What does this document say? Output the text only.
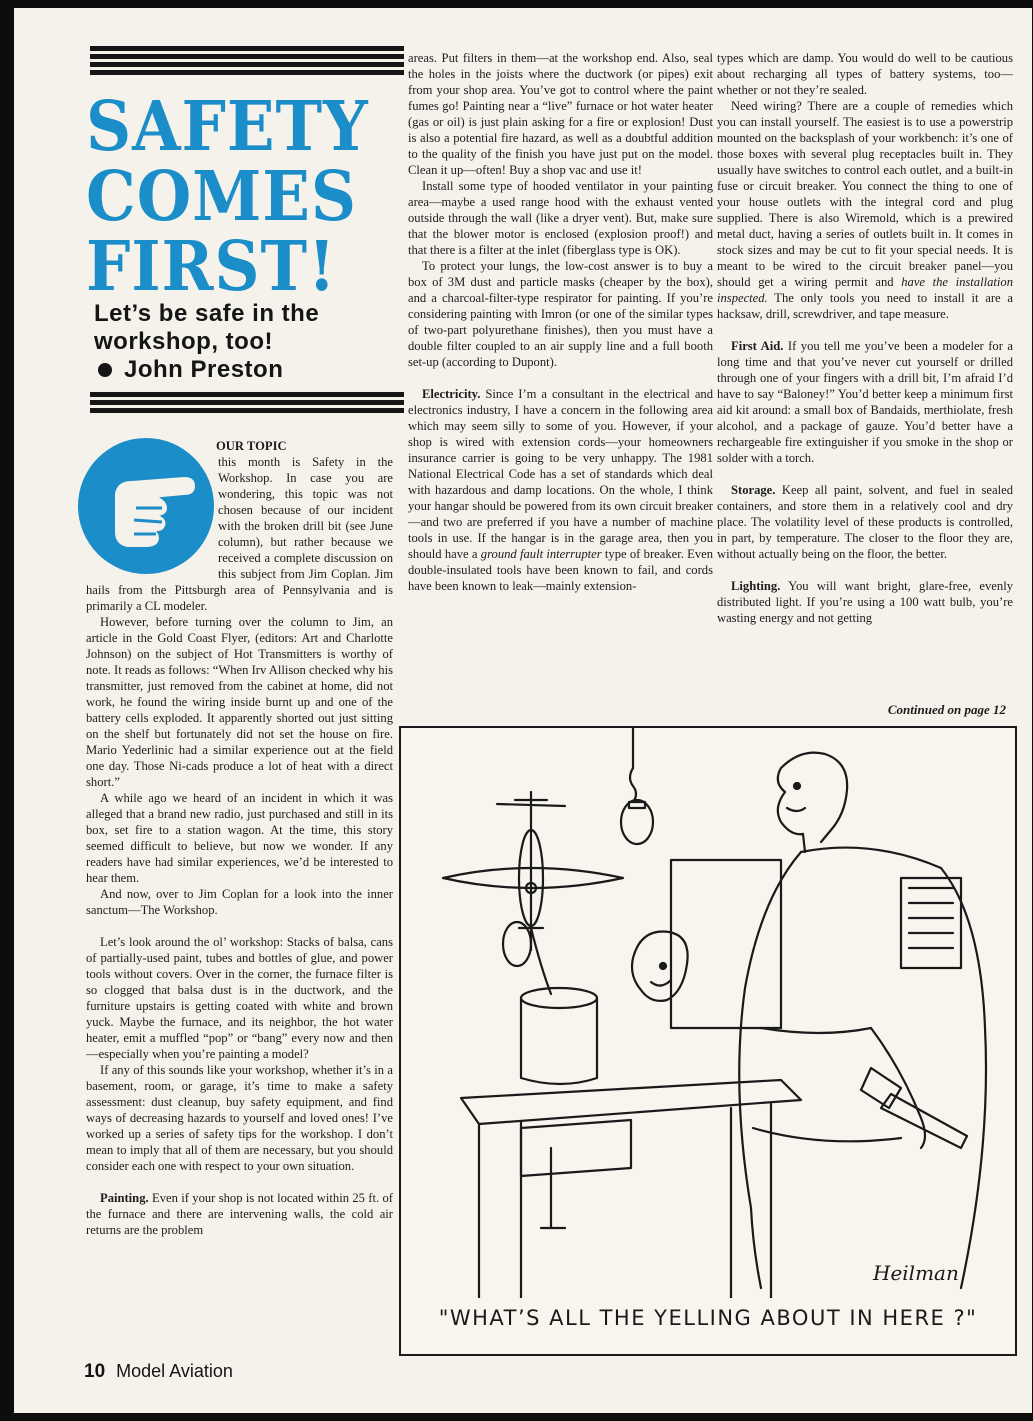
SAFETY
COMES
FIRST!
Let’s be safe in the workshop, too!
John Preston

OUR TOPIC

this month is Safety in the Workshop. In case you are wondering, this topic was not chosen because of our incident with the broken drill bit (see June column), but rather because we received a complete discussion on this subject from Jim Coplan. Jim hails from the Pittsburgh area of Pennsylvania and is primarily a CL modeler.

However, before turning over the column to Jim, an article in the Gold Coast Flyer, (editors: Art and Charlotte Johnson) on the subject of Hot Transmitters is worthy of note. It reads as follows: “When Irv Allison checked why his transmitter, just removed from the cabinet at home, did not work, he found the wiring inside burnt up and one of the battery cells exploded. It apparently shorted out just sitting on the shelf but fortunately did not set the house on fire. Mario Yederlinic had a similar experience out at the field one day. Those Ni-cads produce a lot of heat with a direct short.”

A while ago we heard of an incident in which it was alleged that a brand new radio, just purchased and still in its box, set fire to a station wagon. At the time, this story seemed difficult to believe, but now we wonder. If any readers have had similar experiences, we’d be interested to hear them.

And now, over to Jim Coplan for a look into the inner sanctum—The Workshop.

Let’s look around the ol’ workshop: Stacks of balsa, cans of partially-used paint, tubes and bottles of glue, and power tools without covers. Over in the corner, the furnace filter is so clogged that balsa dust is in the ductwork, and the furniture upstairs is getting coated with white and brown yuck. Maybe the furnace, and its neighbor, the hot water heater, emit a muffled “pop” or “bang” every now and then—especially when you’re painting a model?

If any of this sounds like your workshop, whether it’s in a basement, room, or garage, it’s time to make a safety assessment: dust cleanup, buy safety equipment, and find ways of decreasing hazards to yourself and loved ones! I’ve worked up a series of safety tips for the workshop. I don’t mean to imply that all of them are necessary, but you should consider each one with respect to your own situation.

Painting. Even if your shop is not located within 25 ft. of the furnace and there are intervening walls, the cold air returns are the problem

areas. Put filters in them—at the workshop end. Also, seal the holes in the joists where the ductwork (or pipes) exit from your shop area. You’ve got to control where the paint fumes go! Painting near a “live” furnace or hot water heater (gas or oil) is just plain asking for a fire or explosion! Dust is also a potential fire hazard, as well as a doubtful addition to the quality of the finish you have just put on the model. Clean it up—often! Buy a shop vac and use it!

Install some type of hooded ventilator in your painting area—maybe a used range hood with the exhaust vented outside through the wall (like a dryer vent). But, make sure that the blower motor is enclosed (explosion proof!) and that there is a filter at the inlet (fiberglass type is OK).

To protect your lungs, the low-cost answer is to buy a box of 3M dust and particle masks (cheaper by the box), and a charcoal-filter-type respirator for painting. If you’re considering painting with Imron (or one of the similar types of two-part polyurethane finishes), then you must have a double filter coupled to an air supply line and a full booth set-up (according to Dupont).

Electricity. Since I’m a consultant in the electrical and electronics industry, I have a concern in the following area which may seem silly to some of you. However, if your shop is wired with extension cords—your homeowners insurance carrier is going to be very unhappy. The 1981 National Electrical Code has a set of standards which deal with hazardous and damp locations. On the whole, I think your hangar should be powered from its own circuit breaker—and two are preferred if you have a number of machine tools in use. If the hangar is in the garage area, then you should have a ground fault interrupter type of breaker. Even double-insulated tools have been known to fail, and cords have been known to leak—mainly extension-

types which are damp. You would do well to be cautious about recharging all types of battery systems, too—whether or not they’re sealed.

Need wiring? There are a couple of remedies which you can install yourself. The easiest is to use a powerstrip mounted on the backsplash of your workbench: it’s one of those boxes with several plug receptacles built in. They usually have switches to control each outlet, and a built-in fuse or circuit breaker. You connect the thing to one of your house outlets with the integral cord and plug supplied. There is also Wiremold, which is a prewired metal duct, having a series of outlets built in. It comes in stock sizes and may be cut to fit your special needs. It is meant to be wired to the circuit breaker panel—you should get a wiring permit and have the installation inspected. The only tools you need to install it are a hacksaw, drill, screwdriver, and tape measure.

First Aid. If you tell me you’ve been a modeler for a long time and that you’ve never cut yourself or drilled through one of your fingers with a drill bit, I’m afraid I’d have to say “Baloney!” You’d better keep a minimum first aid kit around: a small box of Bandaids, merthiolate, fresh alcohol, and a package of gauze. You’d better have a rechargeable fire extinguisher if you smoke in the shop or solder with a torch.

Storage. Keep all paint, solvent, and fuel in sealed containers, and store them in a relatively cool and dry place. The volatility level of these products is controlled, in part, by temperature. The closer to the floor they are, without actually being on the floor, the better.

Lighting. You will want bright, glare-free, evenly distributed light. If you’re using a 100 watt bulb, you’re wasting energy and not getting

Continued on page 12
Heilman
"WHAT’S ALL THE YELLING ABOUT IN HERE ?"
10 Model Aviation
